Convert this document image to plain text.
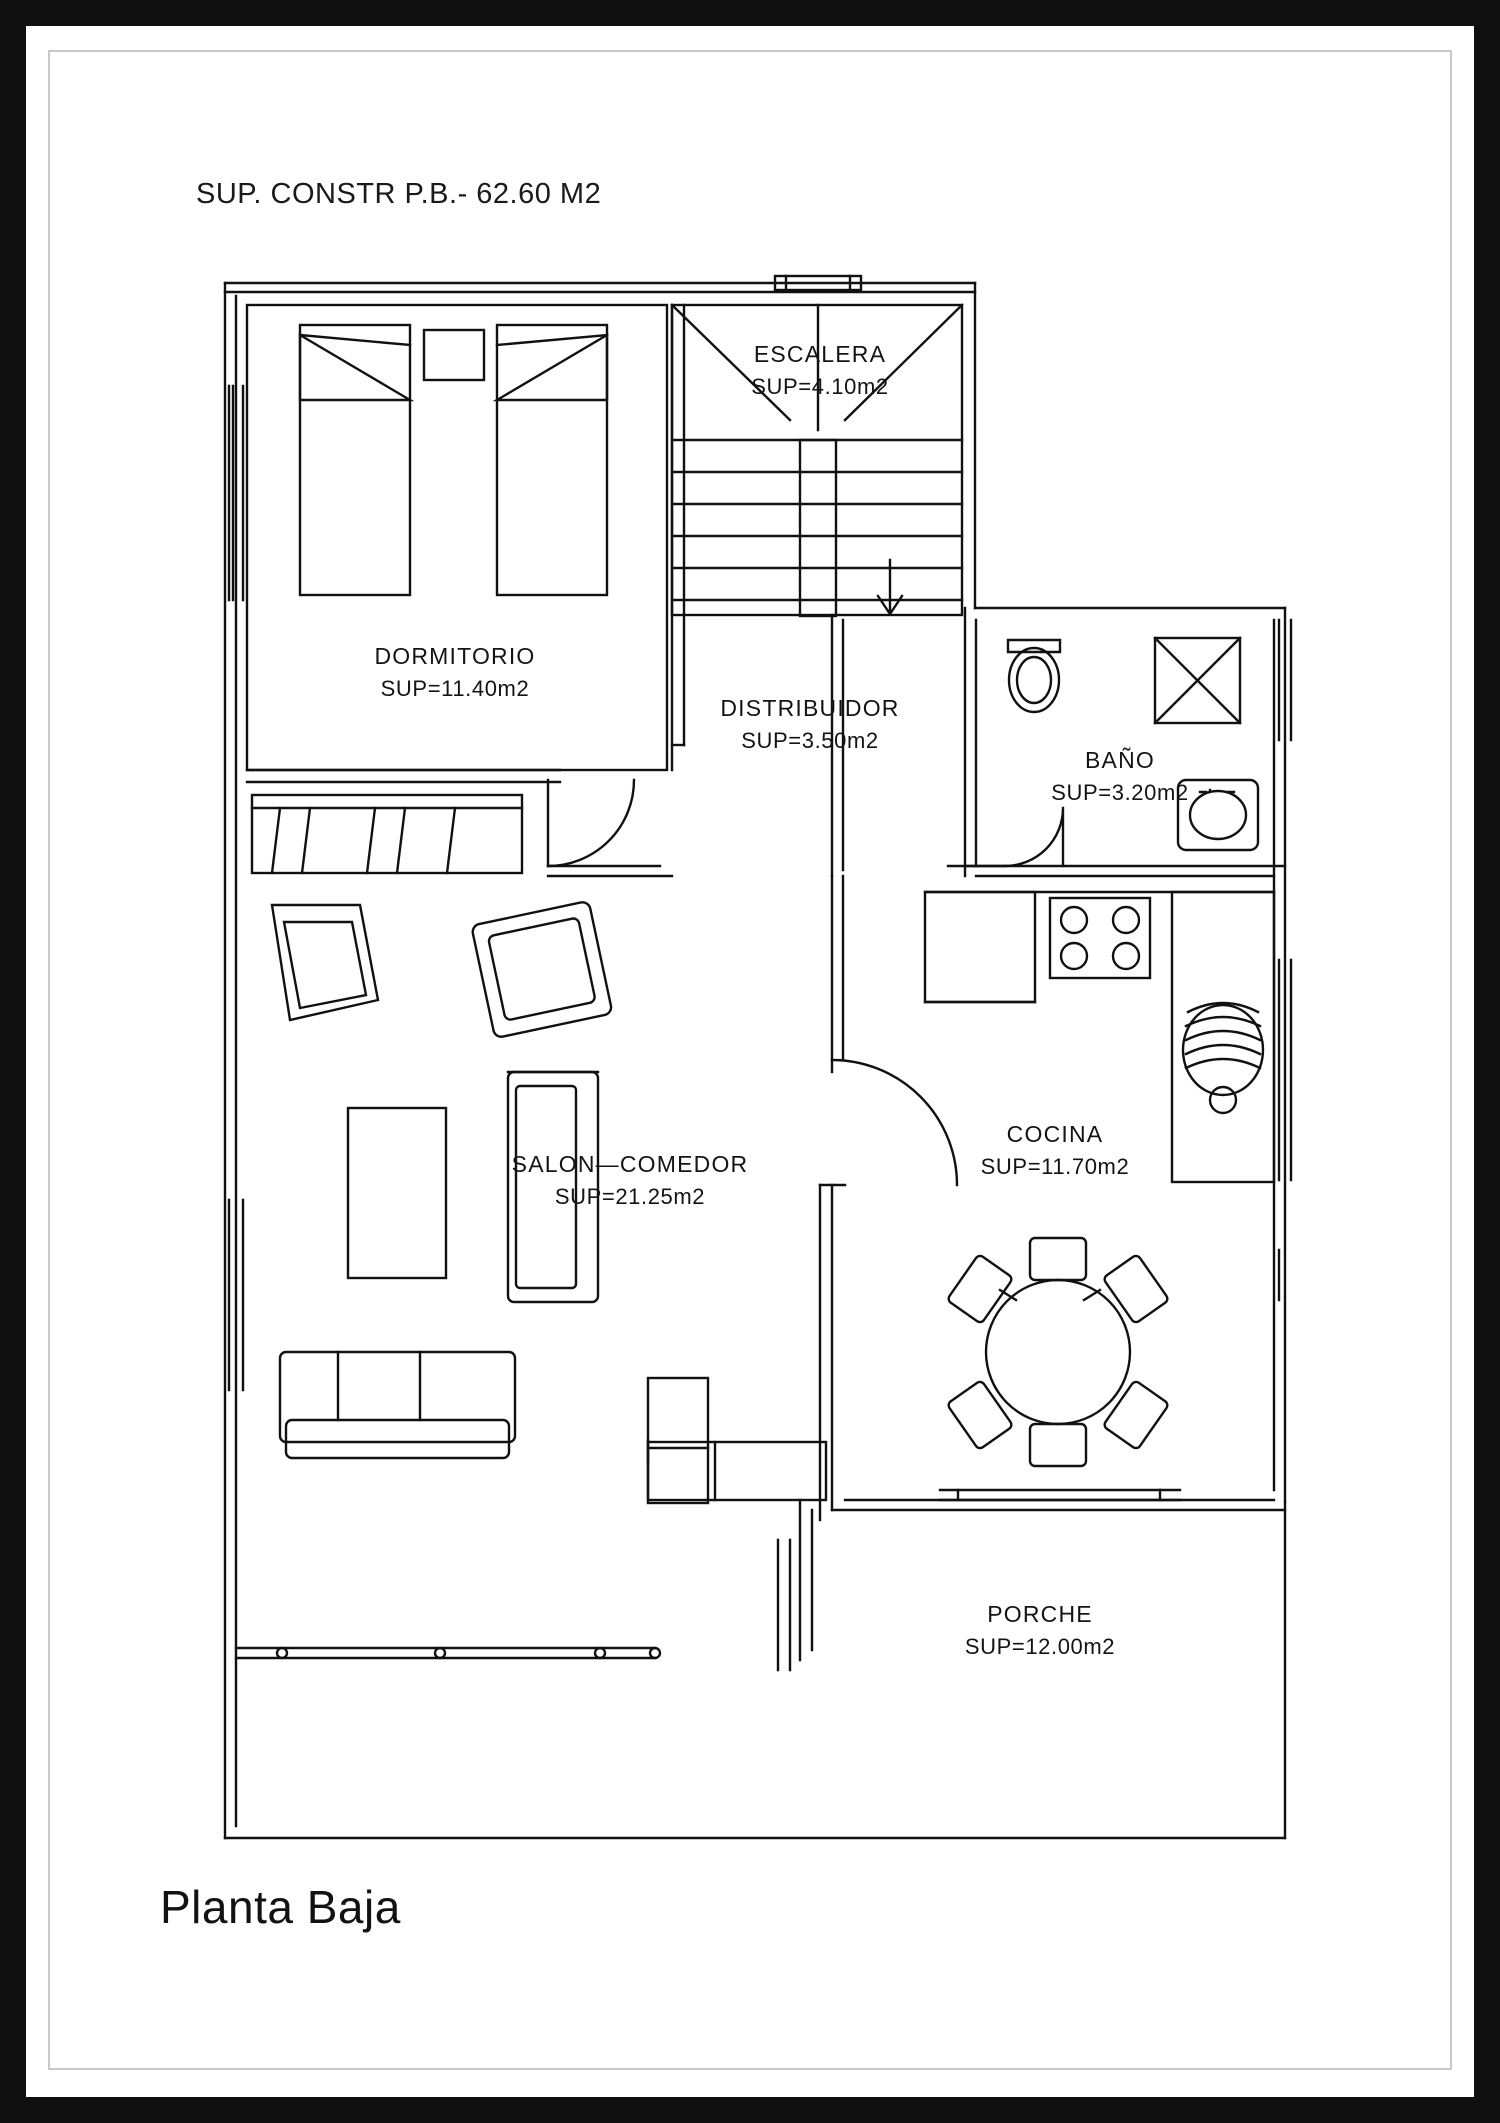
SUP. CONSTR P.B.- 62.60 M2
DORMITORIO
SUP=11.40m2
ESCALERA
SUP=4.10m2
DISTRIBUIDOR
SUP=3.50m2
BAÑO
SUP=3.20m2
COCINA
SUP=11.70m2
SALON—COMEDOR
SUP=21.25m2
PORCHE
SUP=12.00m2
Planta Baja
